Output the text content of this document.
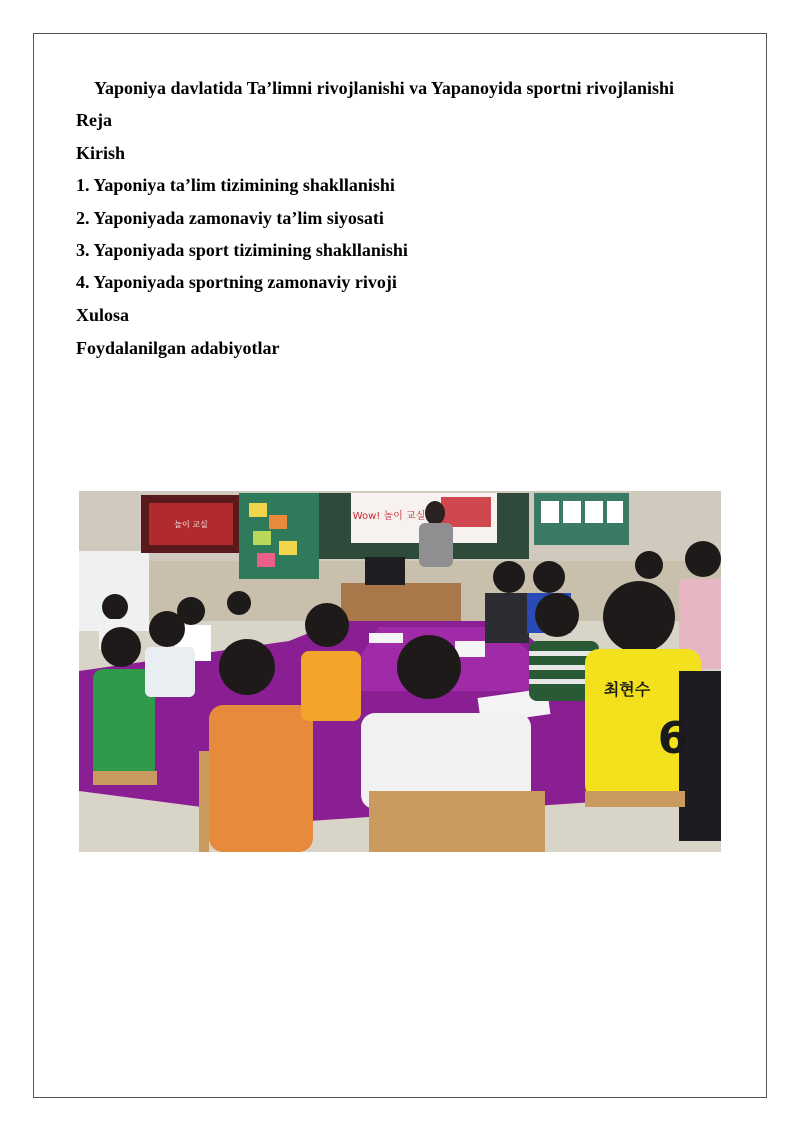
Yaponiya davlatida Ta’limni rivojlanishi va Yapanoyida sportni rivojlanishi
Reja
Kirish
1. Yaponiya ta’lim tizimining shakllanishi
2. Yaponiyada zamonaviy ta’lim siyosati
3. Yaponiyada sport tizimining shakllanishi
4. Yaponiyada sportning zamonaviy rivoji
Xulosa
Foydalanilgan adabiyotlar
놀이 교실
Wow! 놀이 교실
최현수
6
